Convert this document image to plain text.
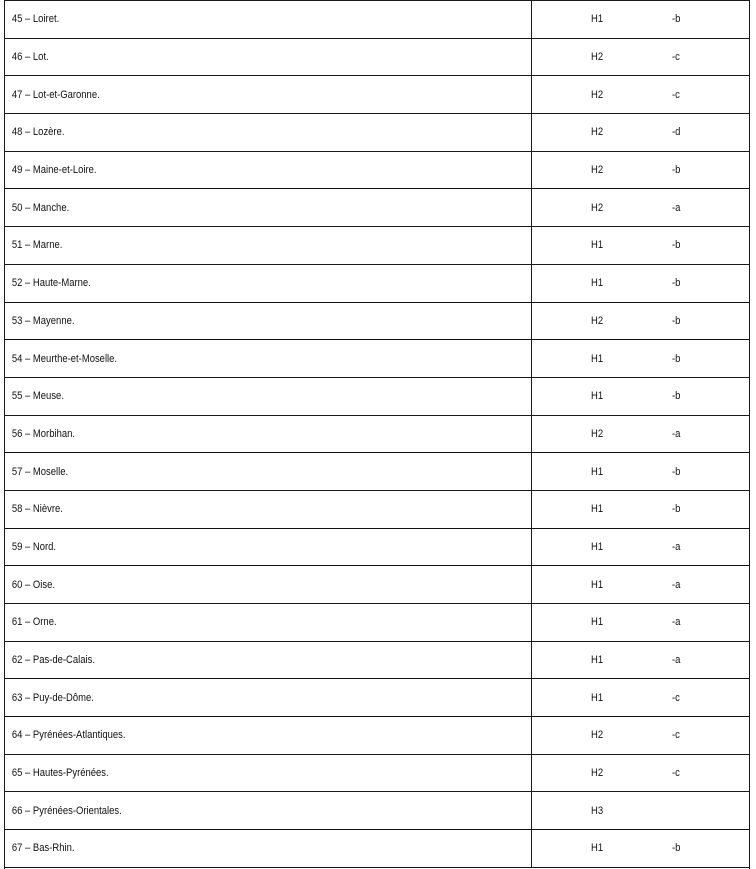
45 – Loiret.	H1	-b
46 – Lot.	H2	-c
47 – Lot-et-Garonne.	H2	-c
48 – Lozère.	H2	-d
49 – Maine-et-Loire.	H2	-b
50 – Manche.	H2	-a
51 – Marne.	H1	-b
52 – Haute-Marne.	H1	-b
53 – Mayenne.	H2	-b
54 – Meurthe-et-Moselle.	H1	-b
55 – Meuse.	H1	-b
56 – Morbihan.	H2	-a
57 – Moselle.	H1	-b
58 – Nièvre.	H1	-b
59 – Nord.	H1	-a
60 – Oise.	H1	-a
61 – Orne.	H1	-a
62 – Pas-de-Calais.	H1	-a
63 – Puy-de-Dôme.	H1	-c
64 – Pyrénées-Atlantiques.	H2	-c
65 – Hautes-Pyrénées.	H2	-c
66 – Pyrénées-Orientales.	H3
67 – Bas-Rhin.	H1	-b
